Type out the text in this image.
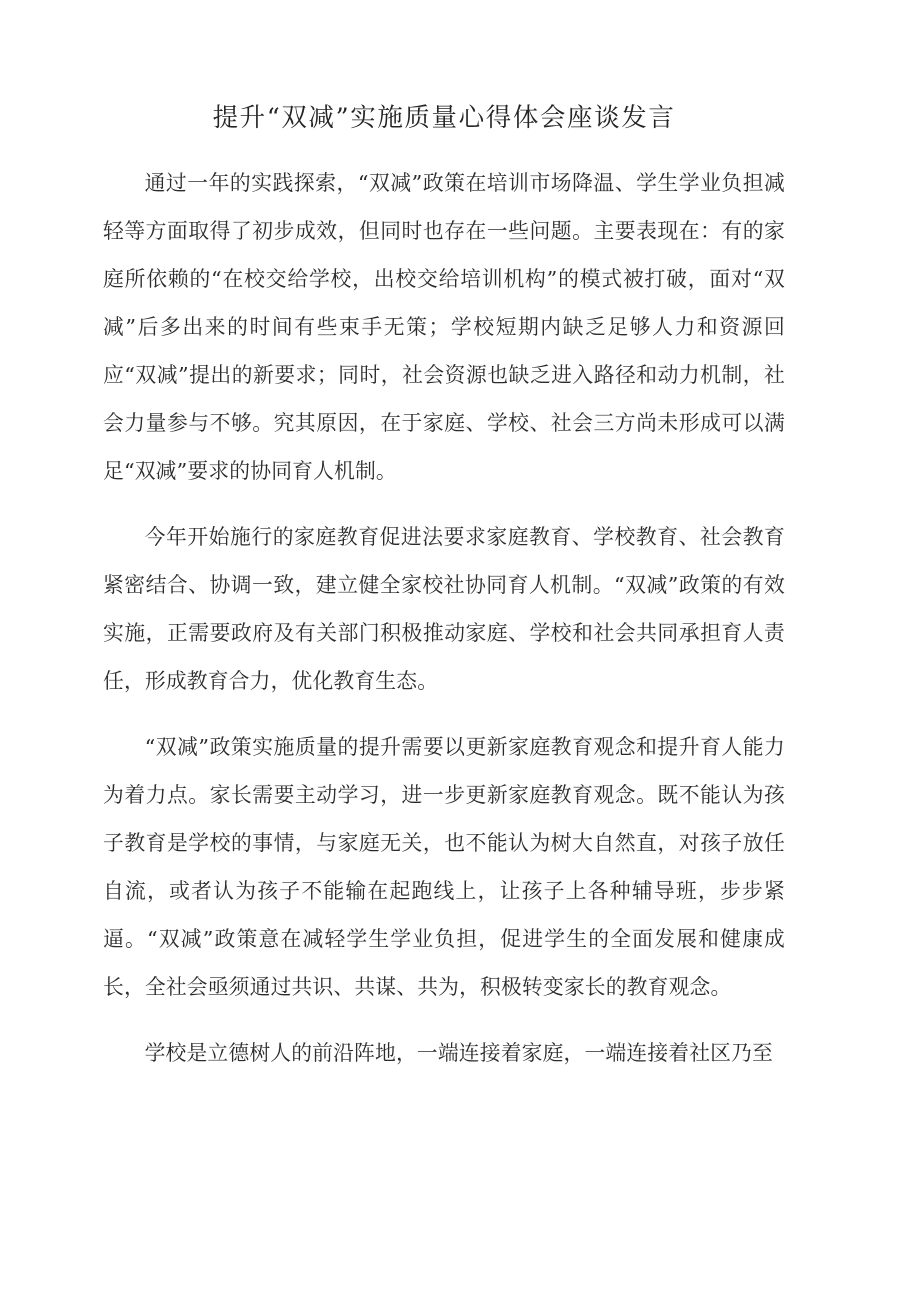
提升“双减”实施质量心得体会座谈发言

通过一年的实践探索，“双减”政策在培训市场降温、学生学业负担减轻等方面取得了初步成效，但同时也存在一些问题。主要表现在：有的家庭所依赖的“在校交给学校，出校交给培训机构”的模式被打破，面对“双减”后多出来的时间有些束手无策；学校短期内缺乏足够人力和资源回应“双减”提出的新要求；同时，社会资源也缺乏进入路径和动力机制，社会力量参与不够。究其原因，在于家庭、学校、社会三方尚未形成可以满足“双减”要求的协同育人机制。

今年开始施行的家庭教育促进法要求家庭教育、学校教育、社会教育紧密结合、协调一致，建立健全家校社协同育人机制。“双减”政策的有效实施，正需要政府及有关部门积极推动家庭、学校和社会共同承担育人责任，形成教育合力，优化教育生态。

“双减”政策实施质量的提升需要以更新家庭教育观念和提升育人能力为着力点。家长需要主动学习，进一步更新家庭教育观念。既不能认为孩子教育是学校的事情，与家庭无关，也不能认为树大自然直，对孩子放任自流，或者认为孩子不能输在起跑线上，让孩子上各种辅导班，步步紧逼。“双减”政策意在减轻学生学业负担，促进学生的全面发展和健康成长，全社会亟须通过共识、共谋、共为，积极转变家长的教育观念。

学校是立德树人的前沿阵地，一端连接着家庭，一端连接着社区乃至
